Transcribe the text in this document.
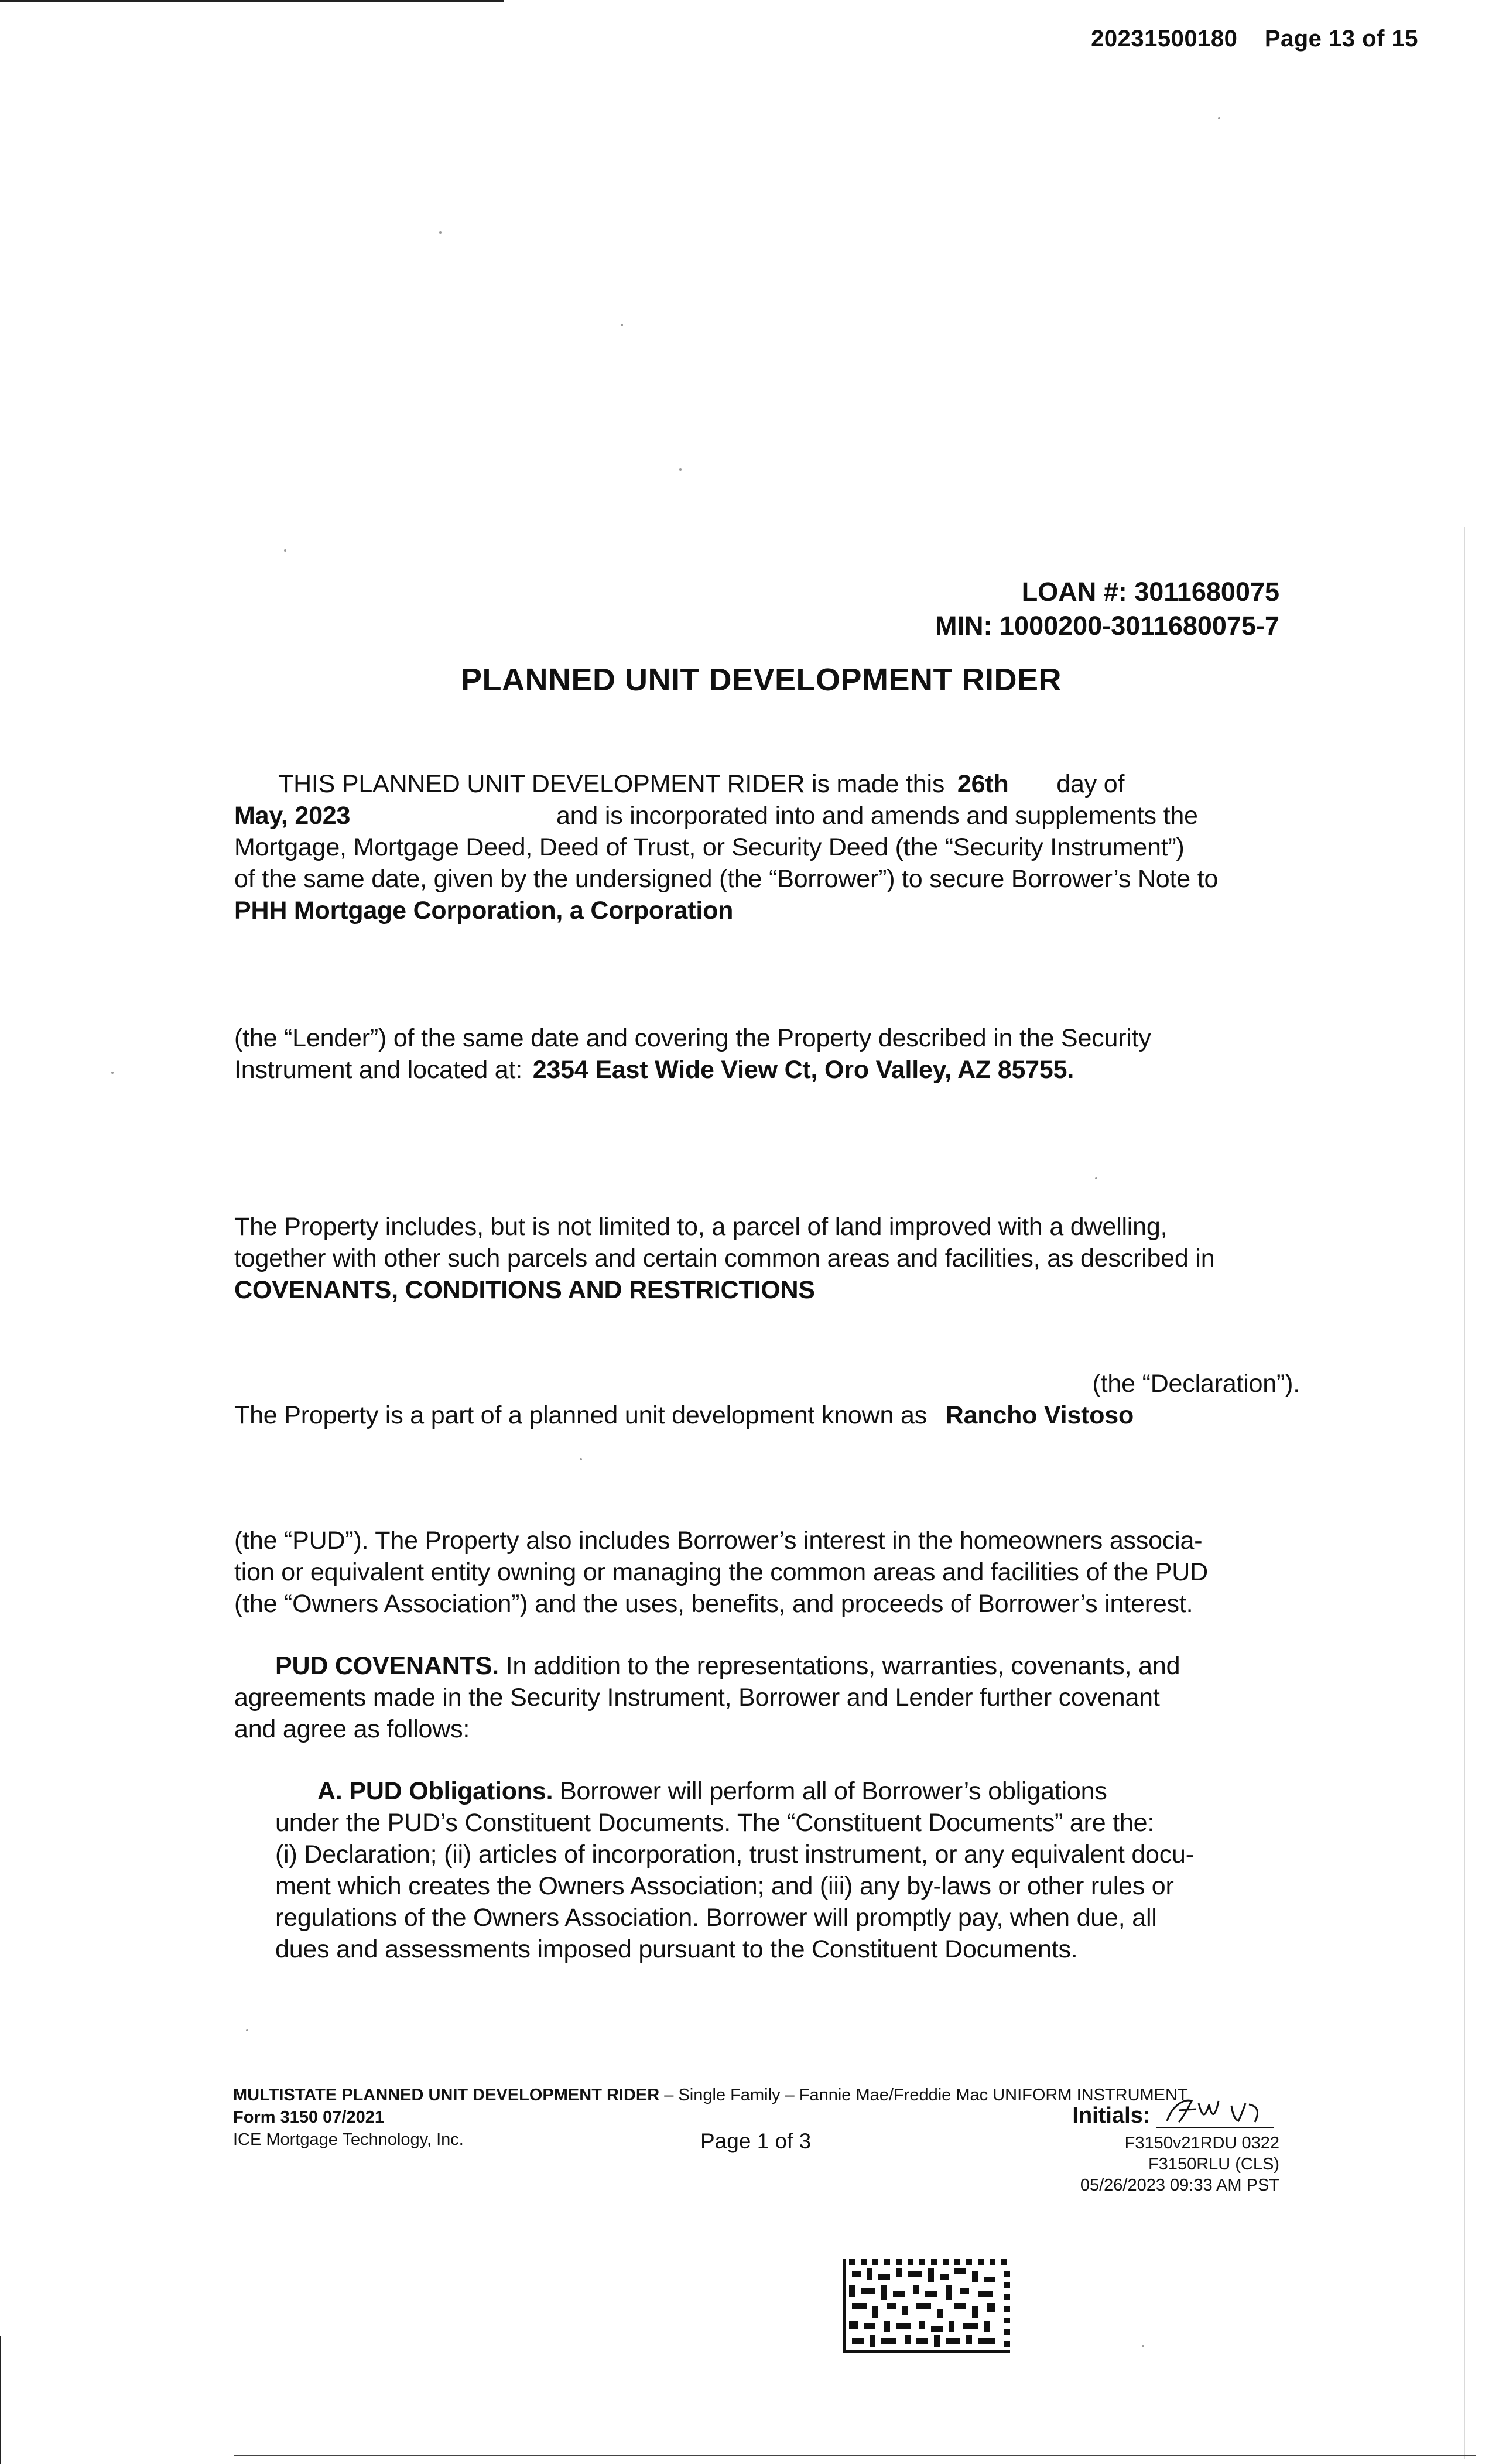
20231500180 Page 13 of 15
LOAN #: 3011680075
MIN: 1000200-3011680075-7
PLANNED UNIT DEVELOPMENT RIDER
THIS PLANNED UNIT DEVELOPMENT RIDER is made this 26th day of
May, 2023	and is incorporated into and amends and supplements the
Mortgage, Mortgage Deed, Deed of Trust, or Security Deed (the “Security Instrument”)
of the same date, given by the undersigned (the “Borrower”) to secure Borrower’s Note to
PHH Mortgage Corporation, a Corporation
(the “Lender”) of the same date and covering the Property described in the Security
Instrument and located at: 2354 East Wide View Ct, Oro Valley, AZ 85755.
The Property includes, but is not limited to, a parcel of land improved with a dwelling,
together with other such parcels and certain common areas and facilities, as described in
COVENANTS, CONDITIONS AND RESTRICTIONS
(the “Declaration”).
The Property is a part of a planned unit development known as Rancho Vistoso
(the “PUD”). The Property also includes Borrower’s interest in the homeowners associa-
tion or equivalent entity owning or managing the common areas and facilities of the PUD
(the “Owners Association”) and the uses, benefits, and proceeds of Borrower’s interest.
PUD COVENANTS. In addition to the representations, warranties, covenants, and
agreements made in the Security Instrument, Borrower and Lender further covenant
and agree as follows:
A. PUD Obligations. Borrower will perform all of Borrower’s obligations
under the PUD’s Constituent Documents. The “Constituent Documents” are the:
(i) Declaration; (ii) articles of incorporation, trust instrument, or any equivalent docu-
ment which creates the Owners Association; and (iii) any by-laws or other rules or
regulations of the Owners Association. Borrower will promptly pay, when due, all
dues and assessments imposed pursuant to the Constituent Documents.
MULTISTATE PLANNED UNIT DEVELOPMENT RIDER – Single Family – Fannie Mae/Freddie Mac UNIFORM INSTRUMENT
Form 3150 07/2021
ICE Mortgage Technology, Inc.	Page 1 of 3
Initials:
F3150v21RDU 0322
F3150RLU (CLS)
05/26/2023 09:33 AM PST
